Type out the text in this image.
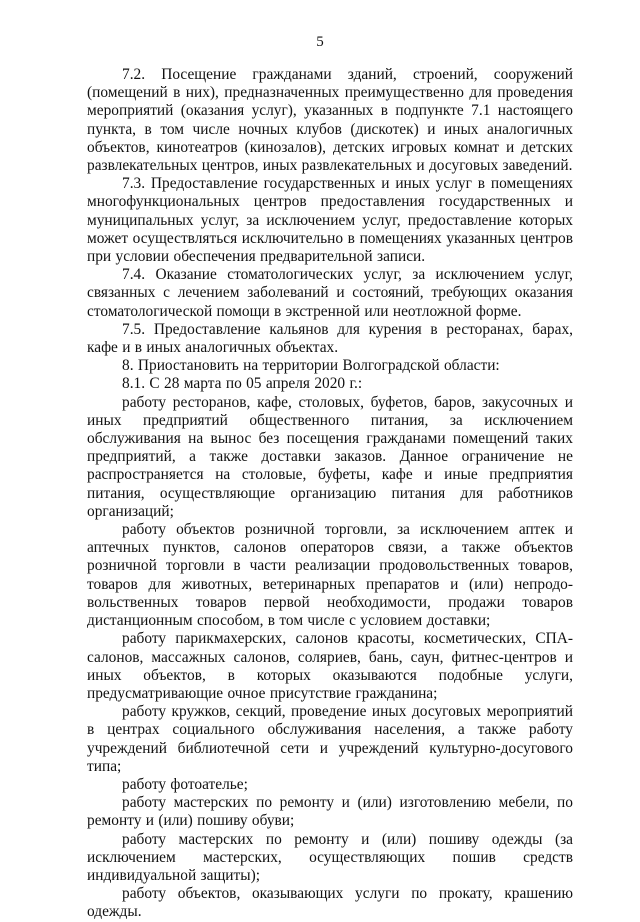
5

7.2. Посещение гражданами зданий, строений, сооружений (помещений в них), предназначенных преимущественно для проведения мероприятий (оказания услуг), указанных в подпункте 7.1 настоящего пункта, в том числе ночных клубов (дискотек) и иных аналогичных объектов, кинотеатров (кинозалов), детских игровых комнат и детских развлекательных центров, иных развлекательных и досуговых заведений.

7.3. Предоставление государственных и иных услуг в помещениях многофункциональных центров предоставления государственных и муниципальных услуг, за исключением услуг, предоставление которых может осуществляться исключительно в помещениях указанных центров при условии обеспечения предварительной записи.

7.4. Оказание стоматологических услуг, за исключением услуг, связанных с лечением заболеваний и состояний, требующих оказания стоматологической помощи в экстренной или неотложной форме.

7.5. Предоставление кальянов для курения в ресторанах, барах, кафе и в иных аналогичных объектах.

8. Приостановить на территории Волгоградской области:

8.1. С 28 марта по 05 апреля 2020 г.:

работу ресторанов, кафе, столовых, буфетов, баров, закусочных и иных предприятий общественного питания, за исключением обслуживания на вынос без посещения гражданами помещений таких предприятий, а также доставки заказов. Данное ограничение не распространяется на столовые, буфеты, кафе и иные предприятия питания, осуществляющие организацию питания для работников организаций;

работу объектов розничной торговли, за исключением аптек и аптечных пунктов, салонов операторов связи, а также объектов розничной торговли в части реализации продовольственных товаров, товаров для животных, ветеринарных препаратов и (или) непродовольственных товаров первой необходимости, продажи товаров дистанционным способом, в том числе с условием доставки;

работу парикмахерских, салонов красоты, косметических, СПА-салонов, массажных салонов, соляриев, бань, саун, фитнес-центров и иных объектов, в которых оказываются подобные услуги, предусматривающие очное присутствие гражданина;

работу кружков, секций, проведение иных досуговых мероприятий в центрах социального обслуживания населения, а также работу учреждений библиотечной сети и учреждений культурно-досугового типа;

работу фотоателье;

работу мастерских по ремонту и (или) изготовлению мебели, по ремонту и (или) пошиву обуви;

работу мастерских по ремонту и (или) пошиву одежды (за исключением мастерских, осуществляющих пошив средств индивидуальной защиты);

работу объектов, оказывающих услуги по прокату, крашению одежды.
